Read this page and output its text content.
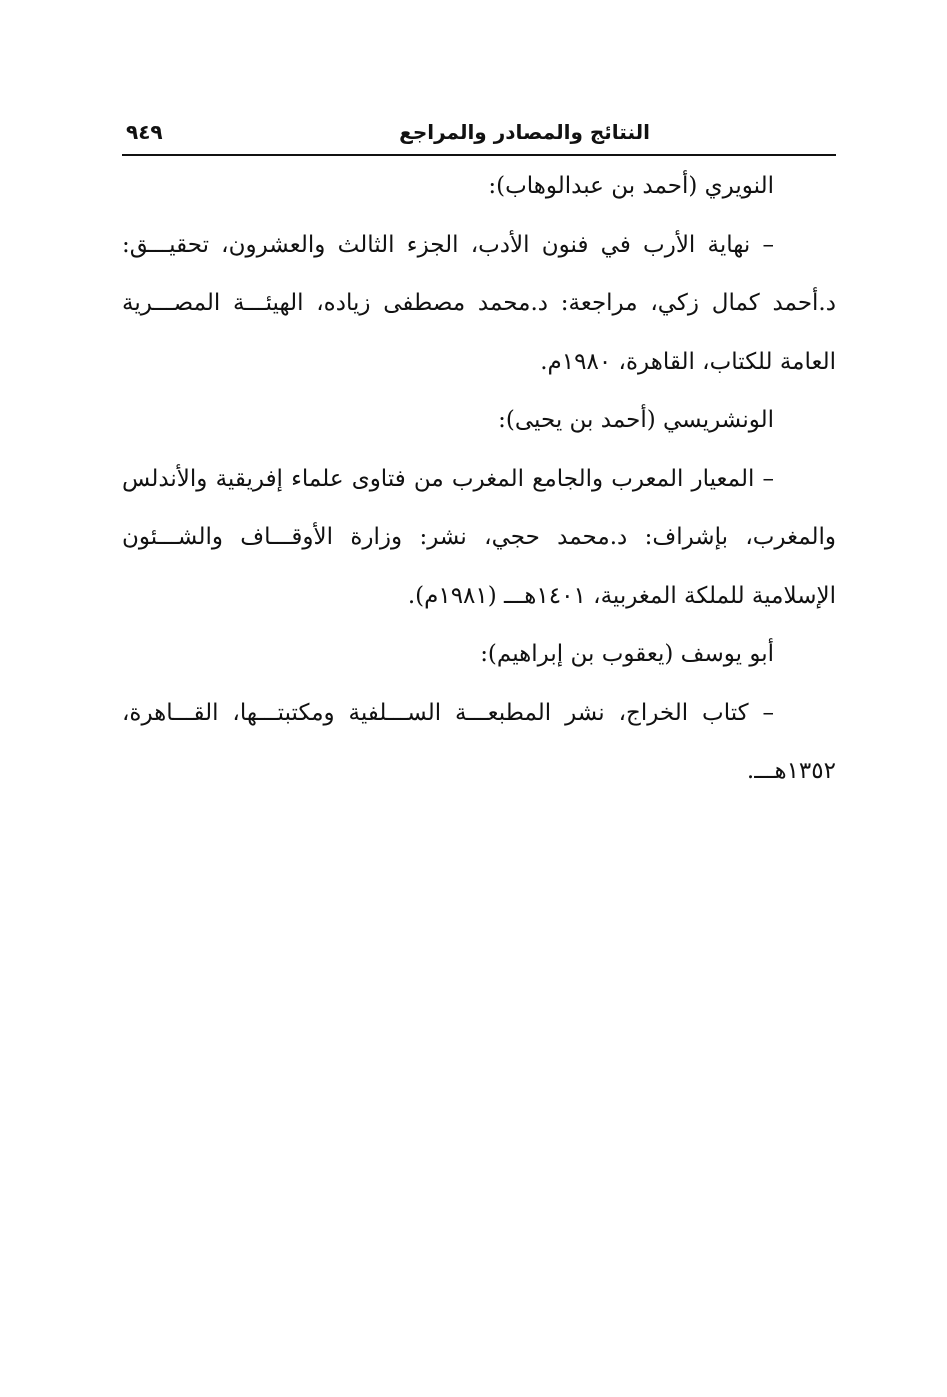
النتائج والمصادر والمراجع
٩٤٩
النويري (أحمد بن عبدالوهاب):
– نهاية الأرب في فنون الأدب، الجزء الثالث والعشرون، تحقيـــق:
د.أحمد كمال زكي، مراجعة: د.محمد مصطفى زياده، الهيئـــة المصـــرية
العامة للكتاب، القاهرة، ١٩٨٠م.
الونشريسي (أحمد بن يحيى):
– المعيار المعرب والجامع المغرب من فتاوى علماء إفريقية والأندلس
والمغرب، بإشراف: د.محمد حجي، نشر: وزارة الأوقـــاف والشـــئون
الإسلامية للملكة المغربية، ١٤٠١هـــ (١٩٨١م).
أبو يوسف (يعقوب بن إبراهيم):
– كتاب الخراج، نشر المطبعـــة الســـلفية ومكتبتـــها، القـــاهرة،
١٣٥٢هـــ.
